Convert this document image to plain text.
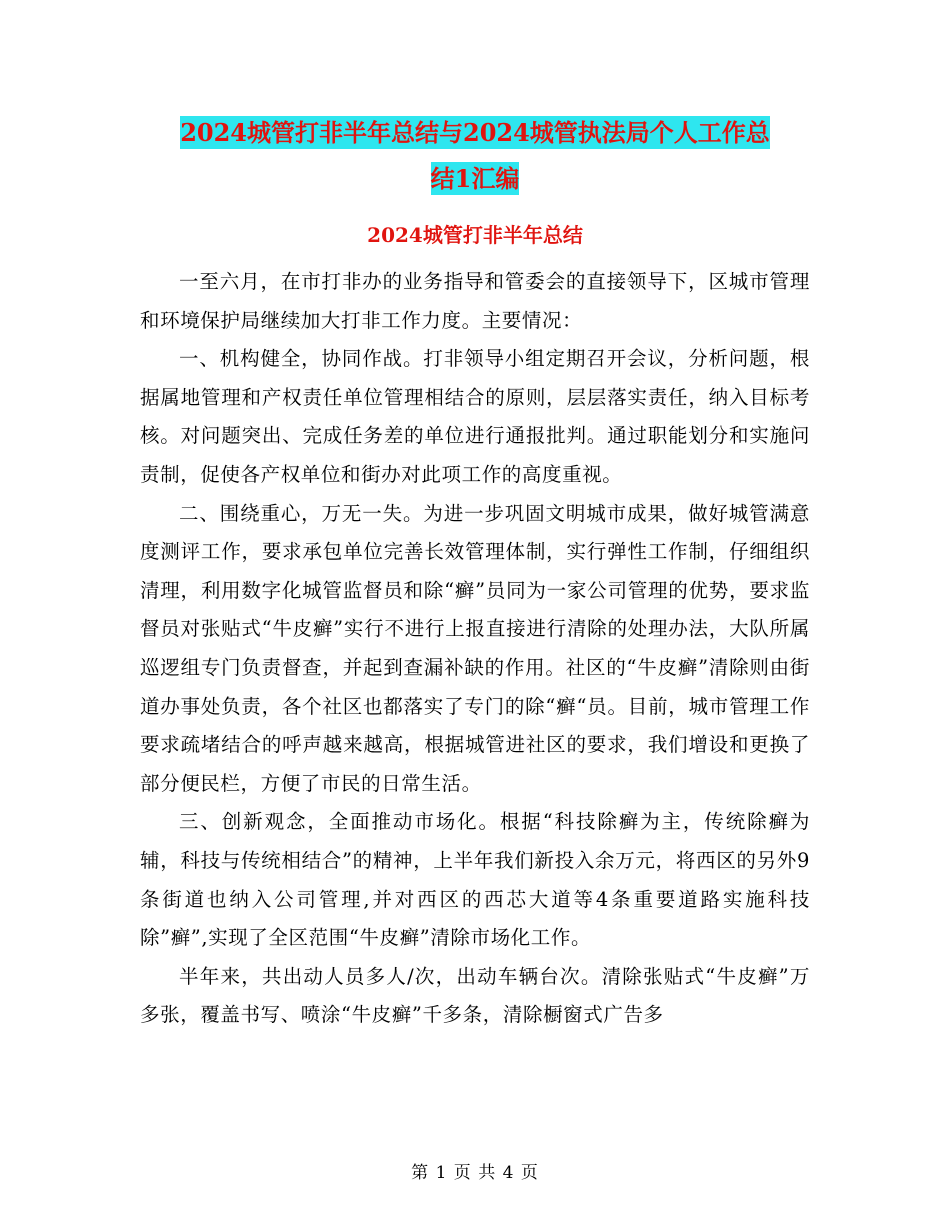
2024城管打非半年总结与2024城管执法局个人工作总
结1汇编
2024城管打非半年总结

一至六月，在市打非办的业务指导和管委会的直接领导下，区城市管理和环境保护局继续加大打非工作力度。主要情况：

一、机构健全，协同作战。打非领导小组定期召开会议，分析问题，根据属地管理和产权责任单位管理相结合的原则，层层落实责任，纳入目标考核。对问题突出、完成任务差的单位进行通报批判。通过职能划分和实施问责制，促使各产权单位和街办对此项工作的高度重视。

二、围绕重心，万无一失。为进一步巩固文明城市成果，做好城管满意度测评工作，要求承包单位完善长效管理体制，实行弹性工作制，仔细组织清理，利用数字化城管监督员和除“癣”员同为一家公司管理的优势，要求监督员对张贴式“牛皮癣”实行不进行上报直接进行清除的处理办法，大队所属巡逻组专门负责督查，并起到查漏补缺的作用。社区的“牛皮癣”清除则由街道办事处负责，各个社区也都落实了专门的除“癣“员。目前，城市管理工作要求疏堵结合的呼声越来越高，根据城管进社区的要求，我们增设和更换了部分便民栏，方便了市民的日常生活。

三、创新观念，全面推动市场化。根据“科技除癣为主，传统除癣为辅，科技与传统相结合”的精神，上半年我们新投入余万元，将西区的另外9条街道也纳入公司管理,并对西区的西芯大道等4条重要道路实施科技除”癣”,实现了全区范围“牛皮癣”清除市场化工作。

半年来，共出动人员多人/次，出动车辆台次。清除张贴式“牛皮癣”万多张，覆盖书写、喷涂“牛皮癣”千多条，清除橱窗式广告多

第 1 页 共 4 页
